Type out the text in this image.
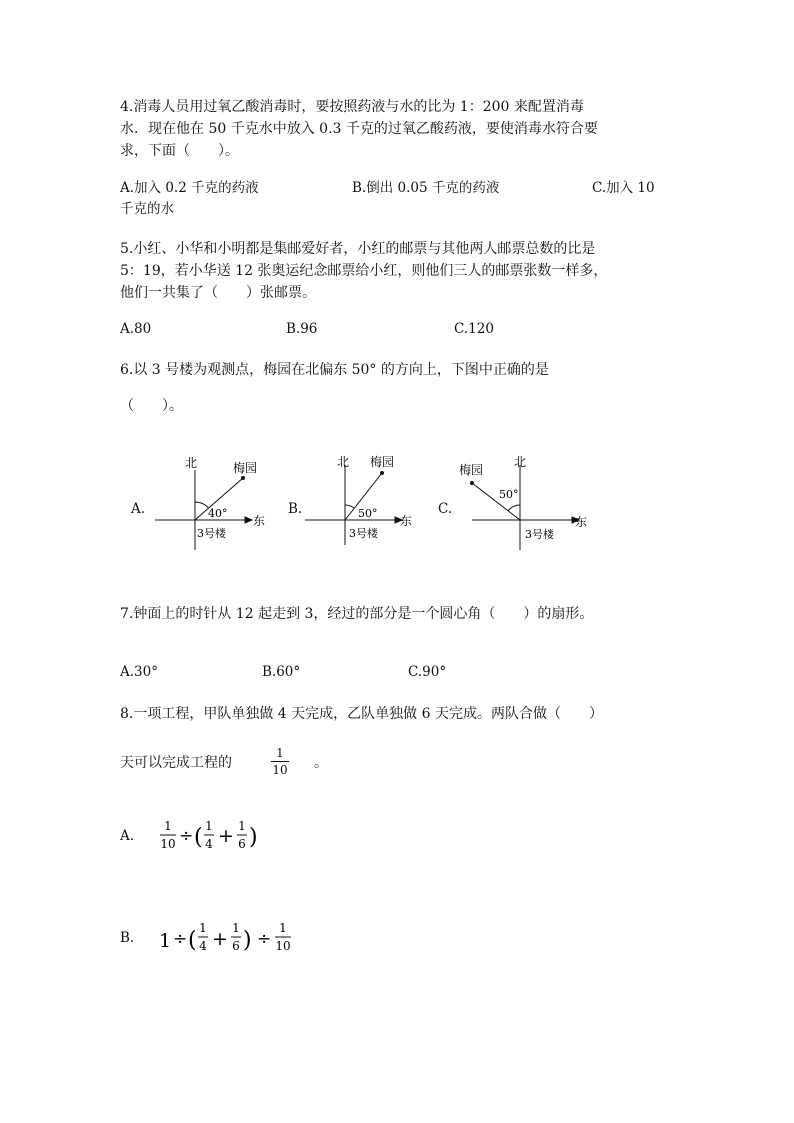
4.消毒人员用过氧乙酸消毒时，要按照药液与水的比为 1：200 来配置消毒
水．现在他在 50 千克水中放入 0.3 千克的过氧乙酸药液，要使消毒水符合要
求，下面（　　）。
A.加入 0.2 千克的药液	B.倒出 0.05 千克的药液	C.加入 10
千克的水
5.小红、小华和小明都是集邮爱好者，小红的邮票与其他两人邮票总数的比是
5：19，若小华送 12 张奥运纪念邮票给小红，则他们三人的邮票张数一样多，
他们一共集了（　　）张邮票。
A.80	B.96	C.120
6.以 3 号楼为观测点，梅园在北偏东 50° 的方向上，下图中正确的是
（　　）。
A.
北	梅园
40°
东
3号楼
B.
北 梅园
50°
东
3号楼
C.
梅园
北
50°
东
3号楼
7.钟面上的时针从 12 起走到 3，经过的部分是一个圆心角（　　）的扇形。
A.30°	B.60°	C.90°
8.一项工程，甲队单独做 4 天完成，乙队单独做 6 天完成。两队合做（　　）
天可以完成工程的
1
10 。
A.
1
10 ÷ ( 1
4 + 1
6 )
B. 1 ÷ ( 1
4 + 1
6 ) ÷
1
10
